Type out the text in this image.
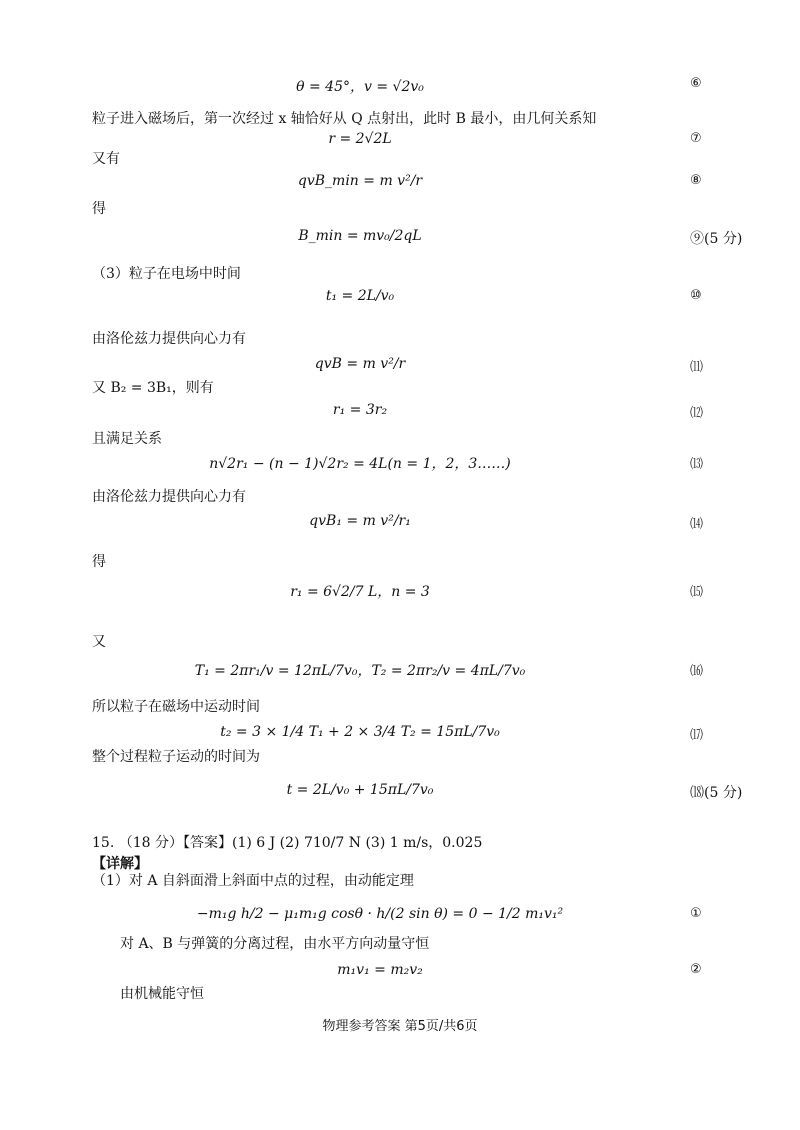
θ = 45°，v = √2v₀	⑥
粒子进入磁场后，第一次经过 x 轴恰好从 Q 点射出，此时 B 最小，由几何关系知
r = 2√2L	⑦
又有
qvB_min = m v²/r	⑧
得
B_min = mv₀/2qL	⑨(5 分)
（3）粒子在电场中时间
t₁ = 2L/v₀	⑩
由洛伦兹力提供向心力有
qvB = m v²/r	⑾
又 B₂ = 3B₁，则有
r₁ = 3r₂	⑿
且满足关系
n√2r₁ − (n − 1)√2r₂ = 4L(n = 1，2，3……)	⒀
由洛伦兹力提供向心力有
qvB₁ = m v²/r₁	⒁
得
r₁ = 6√2/7 L，n = 3	⒂
又
T₁ = 2πr₁/v = 12πL/7v₀，T₂ = 2πr₂/v = 4πL/7v₀	⒃
所以粒子在磁场中运动时间
t₂ = 3 × 1/4 T₁ + 2 × 3/4 T₂ = 15πL/7v₀	⒄
整个过程粒子运动的时间为
t = 2L/v₀ + 15πL/7v₀	⒅(5 分)
15. （18 分）【答案】(1) 6 J (2) 710/7 N (3) 1 m/s，0.025
【详解】
（1）对 A 自斜面滑上斜面中点的过程，由动能定理
−m₁g h/2 − μ₁m₁g cosθ · h/(2 sin θ) = 0 − 1/2 m₁v₁²	①
对 A、B 与弹簧的分离过程，由水平方向动量守恒
m₁v₁ = m₂v₂	②
由机械能守恒
物理参考答案 第5页/共6页
